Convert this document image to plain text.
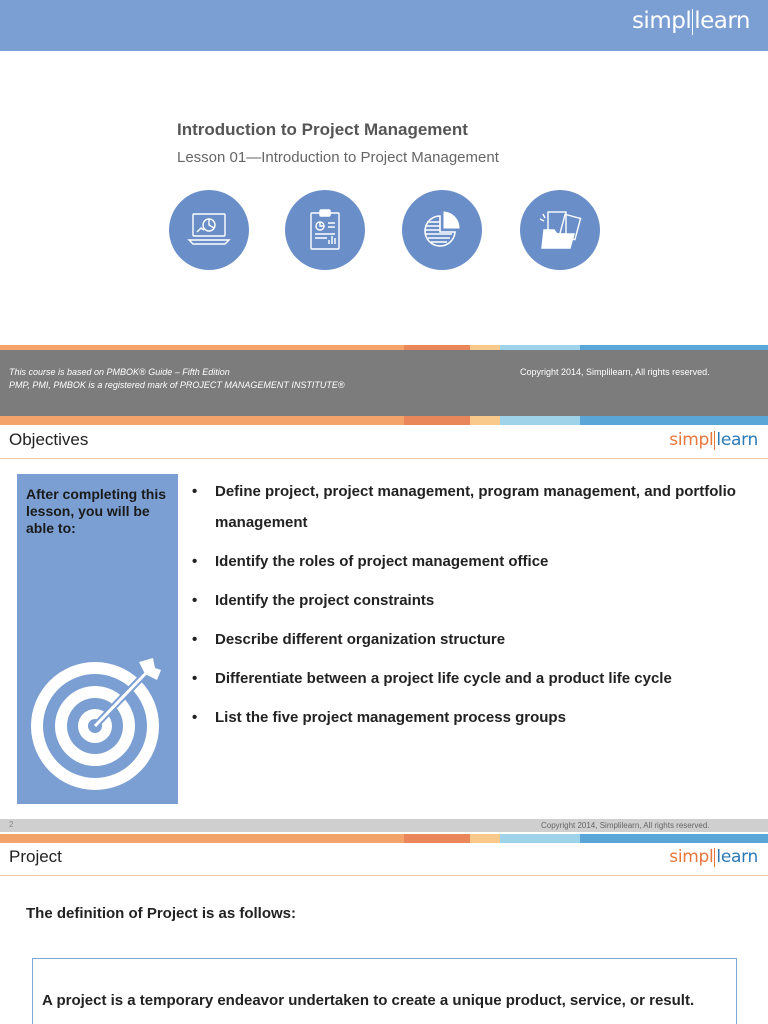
simpl learn
Introduction to Project Management
Lesson 01—Introduction to Project Management
This course is based on PMBOK® Guide – Fifth Edition
PMP, PMI, PMBOK is a registered mark of PROJECT MANAGEMENT INSTITUTE®
Copyright 2014, Simplilearn, All rights reserved.
Objectives	simpl learn
After completing this lesson, you will be able to:
• Define project, project management, program management, and portfolio management
• Identify the roles of project management office
• Identify the project constraints
• Describe different organization structure
• Differentiate between a project life cycle and a product life cycle
• List the five project management process groups
2	Copyright 2014, Simplilearn, All rights reserved.
Project	simpl learn
The definition of Project is as follows:
A project is a temporary endeavor undertaken to create a unique product, service, or result.
